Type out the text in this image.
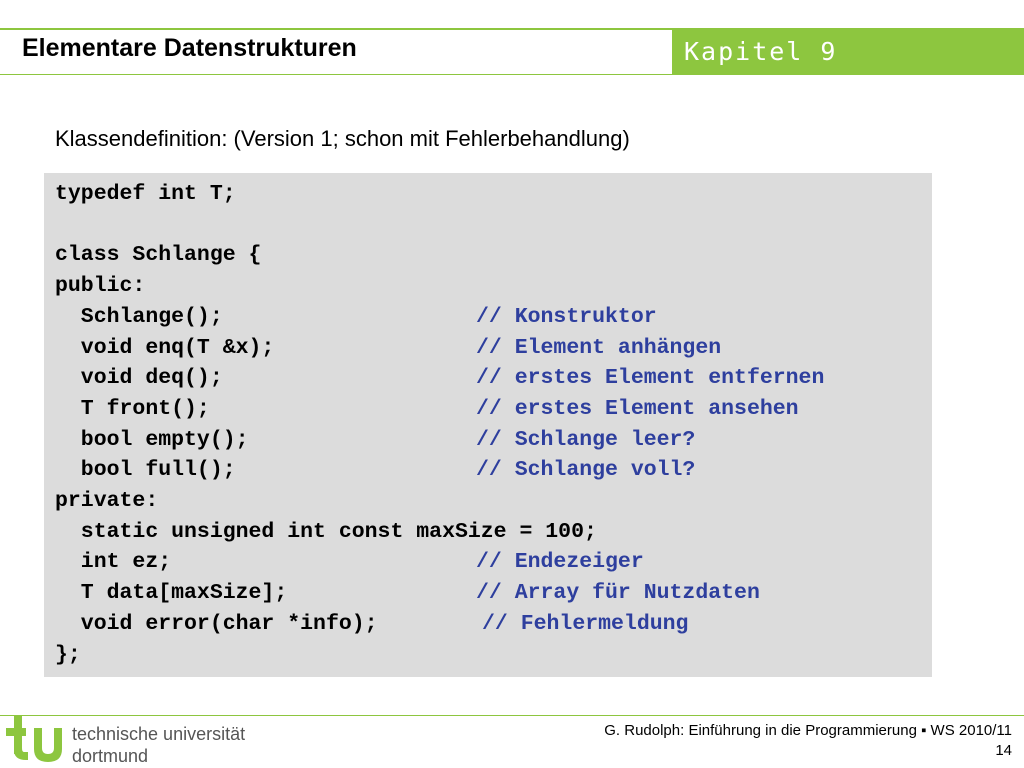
Elementare Datenstrukturen	Kapitel 9
Klassendefinition: (Version 1; schon mit Fehlerbehandlung)
typedef int T;
class Schlange {
public:
Schlange();	// Konstruktor
void enq(T &x);	// Element anhängen
void deq();	// erstes Element entfernen
T front();	// erstes Element ansehen
bool empty();	// Schlange leer?
bool full();	// Schlange voll?
private:
static unsigned int const maxSize = 100;
int ez;	// Endezeiger
T data[maxSize];	// Array für Nutzdaten
void error(char *info);	// Fehlermeldung
};
technische universität
dortmund
G. Rudolph: Einführung in die Programmierung ▪ WS 2010/11
14
